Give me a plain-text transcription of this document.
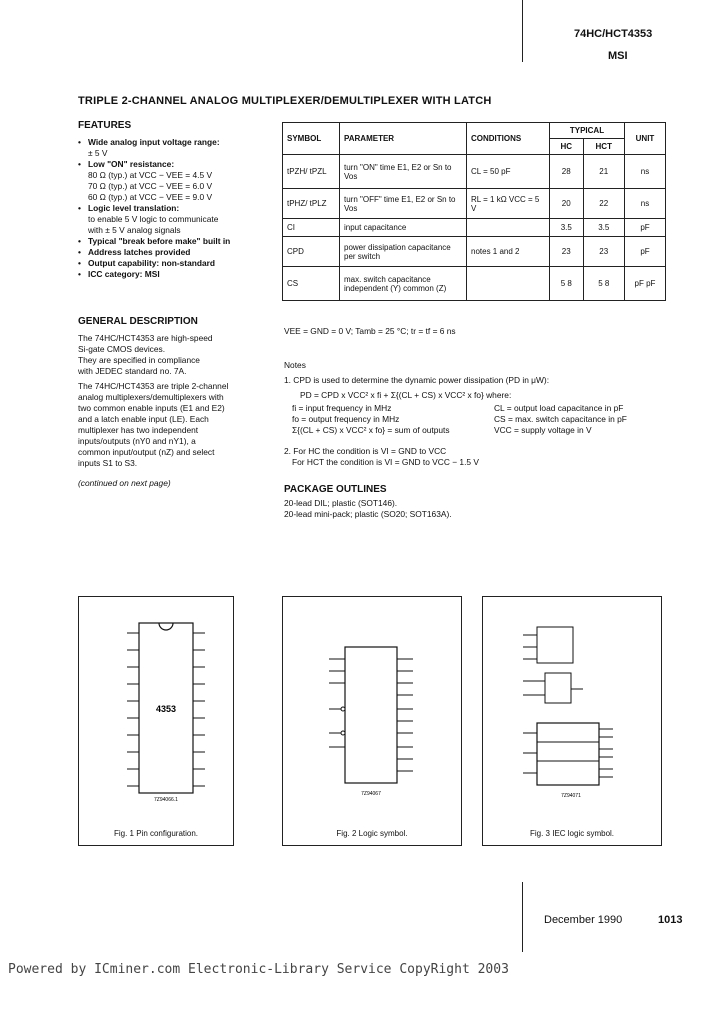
74HC/HCT4353
MSI
TRIPLE 2-CHANNEL ANALOG MULTIPLEXER/DEMULTIPLEXER WITH LATCH
FEATURES
• Wide analog input voltage range:
± 5 V
• Low "ON" resistance:
80 Ω (typ.) at VCC − VEE = 4.5 V
70 Ω (typ.) at VCC − VEE = 6.0 V
60 Ω (typ.) at VCC − VEE = 9.0 V
• Logic level translation:
to enable 5 V logic to communicate
with ± 5 V analog signals
• Typical "break before make" built in
• Address latches provided
• Output capability: non-standard
• ICC category: MSI
GENERAL DESCRIPTION
The 74HC/HCT4353 are high-speed
Si-gate CMOS devices.
They are specified in compliance
with JEDEC standard no. 7A.
The 74HC/HCT4353 are triple 2-channel
analog multiplexers/demultiplexers with
two common enable inputs (E1 and E2)
and a latch enable input (LE). Each
multiplexer has two independent
inputs/outputs (nY0 and nY1), a
common input/output (nZ) and select
inputs S1 to S3.
(continued on next page)
SYMBOL	PARAMETER	CONDITIONS	TYPICAL		UNIT
			HC	HCT	
tPZH/ tPZL	turn "ON" time E1, E2 or Sn to Vos	CL = 50 pF	28	21	ns
tPHZ/ tPLZ	turn "OFF" time E1, E2 or Sn to Vos	RL = 1 kΩ VCC = 5 V	20	22	ns
CI	input capacitance		3.5	3.5	pF
CPD	power dissipation capacitance per switch	notes 1 and 2	23	23	pF
CS	max. switch capacitance independent (Y) common (Z)		5 8	5 8	pF pF
VEE = GND = 0 V; Tamb = 25 °C; tr = tf = 6 ns
Notes
1. CPD is used to determine the dynamic power dissipation (PD in μW):
PD = CPD x VCC² x fi + Σ{(CL + CS) x VCC² x fo} where:
fi = input frequency in MHz
fo = output frequency in MHz
Σ{(CL + CS) x VCC² x fo} = sum of outputs
CL = output load capacitance in pF
CS = max. switch capacitance in pF
VCC = supply voltage in V
2. For HC the condition is VI = GND to VCC
For HCT the condition is VI = GND to VCC − 1.5 V
PACKAGE OUTLINES
20-lead DIL; plastic (SOT146).
20-lead mini-pack; plastic (SO20; SOT163A).
4353
7Z94066.1
Fig. 1 Pin configuration.
7Z94067
Fig. 2 Logic symbol.
7Z94071
Fig. 3 IEC logic symbol.
December 1990	1013
Powered by ICminer.com Electronic-Library Service CopyRight 2003
